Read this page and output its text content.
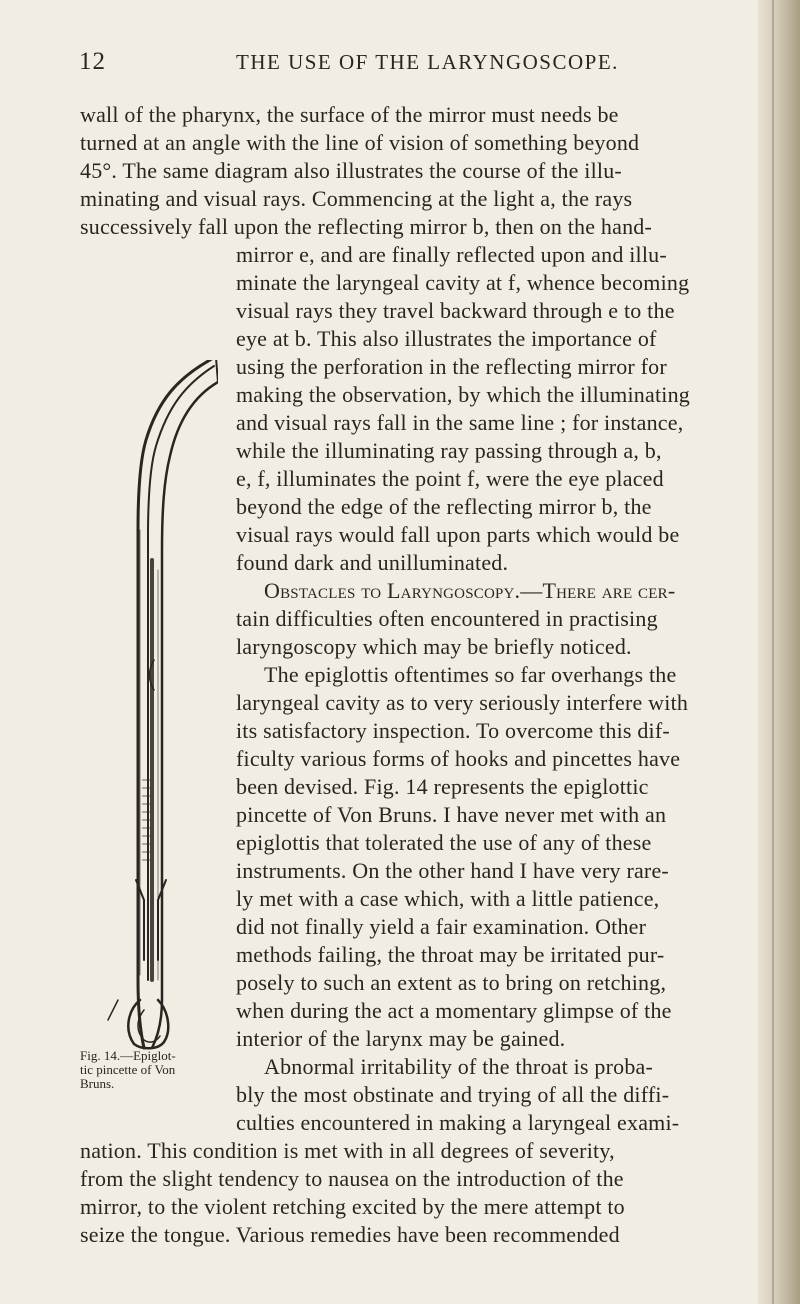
12	THE USE OF THE LARYNGOSCOPE.
Fig. 14.—Epiglot-
tic pincette of Von
Bruns.
wall of the pharynx, the surface of the mirror must needs be
turned at an angle with the line of vision of something beyond
45°. The same diagram also illustrates the course of the illu-
minating and visual rays. Commencing at the light a, the rays
successively fall upon the reflecting mirror b, then on the hand-
mirror e, and are finally reflected upon and illu-
minate the laryngeal cavity at f, whence becoming
visual rays they travel backward through e to the
eye at b. This also illustrates the importance of
using the perforation in the reflecting mirror for
making the observation, by which the illuminating
and visual rays fall in the same line ; for instance,
while the illuminating ray passing through a, b,
e, f, illuminates the point f, were the eye placed
beyond the edge of the reflecting mirror b, the
visual rays would fall upon parts which would be
found dark and unilluminated.
Obstacles to Laryngoscopy.—There are cer-
tain difficulties often encountered in practising
laryngoscopy which may be briefly noticed.
The epiglottis oftentimes so far overhangs the
laryngeal cavity as to very seriously interfere with
its satisfactory inspection. To overcome this dif-
ficulty various forms of hooks and pincettes have
been devised. Fig. 14 represents the epiglottic
pincette of Von Bruns. I have never met with an
epiglottis that tolerated the use of any of these
instruments. On the other hand I have very rare-
ly met with a case which, with a little patience,
did not finally yield a fair examination. Other
methods failing, the throat may be irritated pur-
posely to such an extent as to bring on retching,
when during the act a momentary glimpse of the
interior of the larynx may be gained.
Abnormal irritability of the throat is proba-
bly the most obstinate and trying of all the diffi-
culties encountered in making a laryngeal exami-
nation. This condition is met with in all degrees of severity,
from the slight tendency to nausea on the introduction of the
mirror, to the violent retching excited by the mere attempt to
seize the tongue. Various remedies have been recommended
